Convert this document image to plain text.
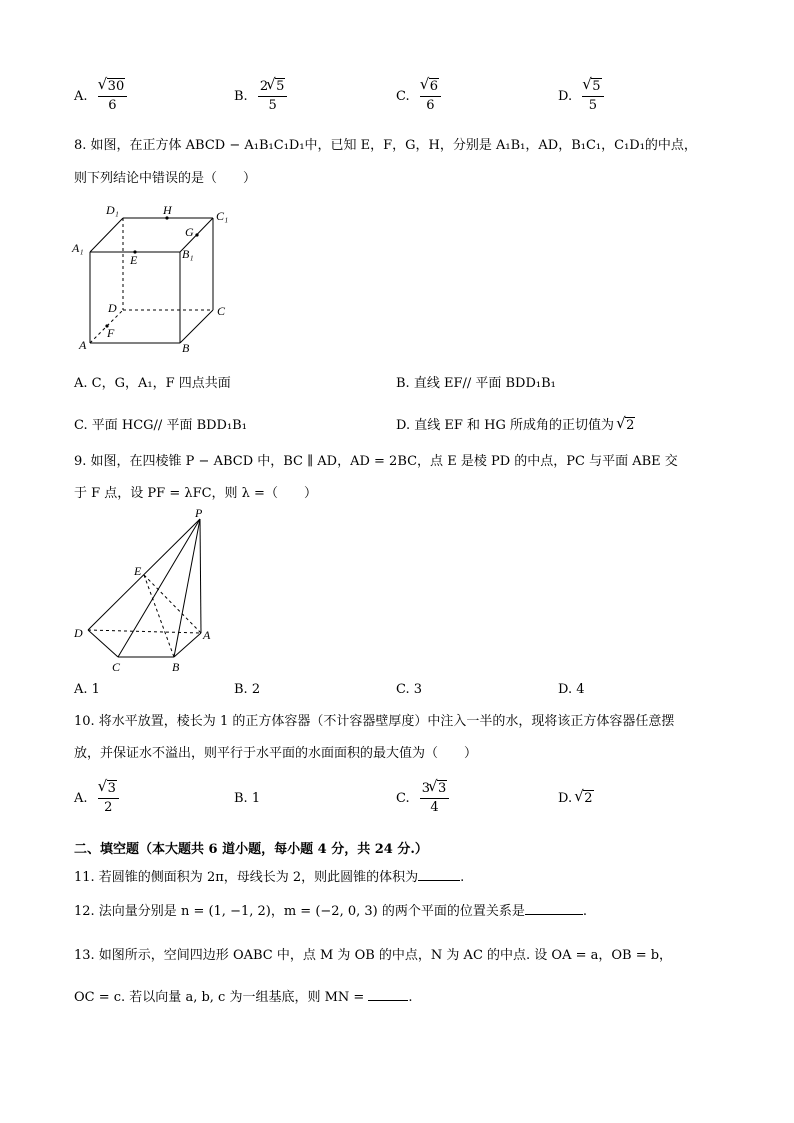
A. √ $\frac{30}{6}$	B. $\frac{2 √ 5}{5}$	C. √ $\frac{6}{6}$	D. √ $\frac{5}{5}$
8. 如图，在正方体 ABCD − A₁B₁C₁D₁中，已知 E，F，G，H，分别是 A₁B₁，AD，B₁C₁，C₁D₁的中点，
则下列结论中错误的是（　　）
D₁	H	C₁
G
A₁
E	B₁
D	C
F
A	B
A. C，G，A₁，F 四点共面	B. 直线 EF// 平面 BDD₁B₁
C. 平面 HCG// 平面 BDD₁B₁	D. 直线 EF 和 HG 所成角的正切值为 √ 2
9. 如图，在四棱锥 P − ABCD 中，BC ∥ AD，AD = 2BC，点 E 是棱 PD 的中点，PC 与平面 ABE 交
于 F 点，设 PF = λFC，则 λ =（　　）
P
E
D	A
C	B
A. 1	B. 2	C. 3	D. 4
10. 将水平放置，棱长为 1 的正方体容器（不计容器壁厚度）中注入一半的水，现将该正方体容器任意摆
放，并保证水不溢出，则平行于水平面的水面面积的最大值为（　　）
A. √ $\frac{3}{2}$	B. 1	C. $\frac{3 √ 3}{4}$	D. √ 2
二、填空题（本大题共 6 道小题，每小题 4 分，共 24 分.）
11. 若圆锥的侧面积为 2π，母线长为 2，则此圆锥的体积为	.
12. 法向量分别是 n = (1, −1, 2)，m = (−2, 0, 3) 的两个平面的位置关系是	.
13. 如图所示，空间四边形 OABC 中，点 M 为 OB 的中点，N 为 AC 的中点. 设 OA = a，OB = b，
OC = c. 若以向量 a, b, c 为一组基底，则 MN =	.
